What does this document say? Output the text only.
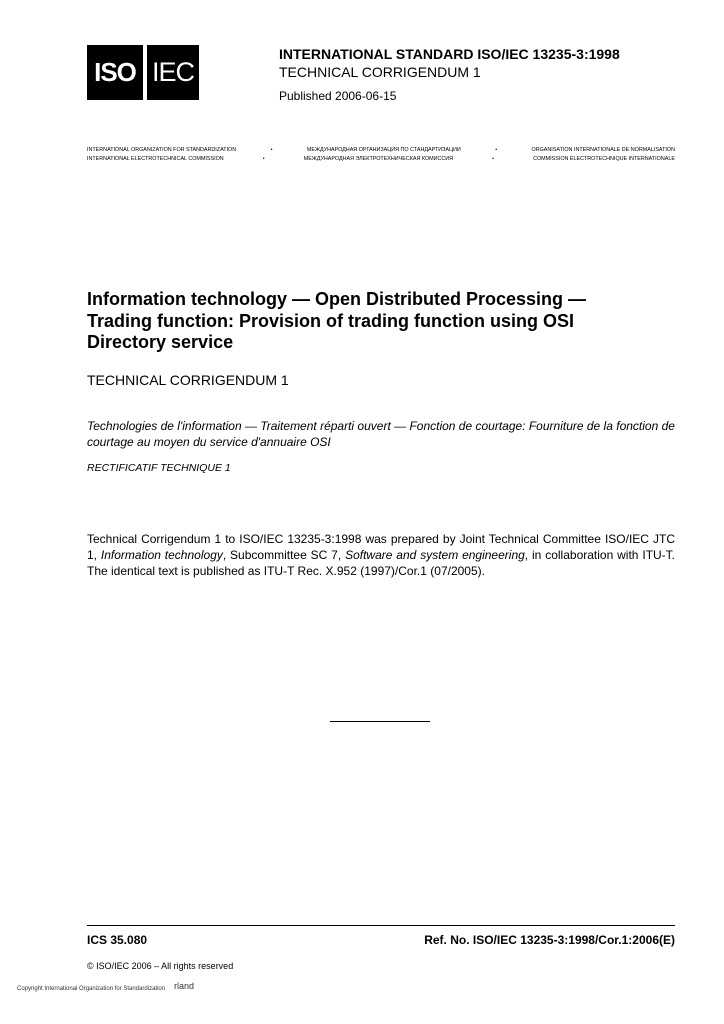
ISO IEC
INTERNATIONAL STANDARD ISO/IEC 13235-3:1998
TECHNICAL CORRIGENDUM 1
Published 2006-06-15
INTERNATIONAL ORGANIZATION FOR STANDARDIZATION	•	МЕЖДУНАРОДНАЯ ОРГАНИЗАЦИЯ ПО СТАНДАРТИЗАЦИИ	•	ORGANISATION INTERNATIONALE DE NORMALISATION
INTERNATIONAL ELECTROTECHNICAL COMMISSION	•	МЕЖДУНАРОДНАЯ ЭЛЕКТРОТЕХНИЧЕСКАЯ КОМИССИЯ	•	COMMISSION ÉLECTROTECHNIQUE INTERNATIONALE
Information technology — Open Distributed Processing —
Trading function: Provision of trading function using OSI
Directory service
TECHNICAL CORRIGENDUM 1
Technologies de l'information — Traitement réparti ouvert — Fonction de courtage: Fourniture de la fonction de courtage au moyen du service d'annuaire OSI
RECTIFICATIF TECHNIQUE 1
Technical Corrigendum 1 to ISO/IEC 13235-3:1998 was prepared by Joint Technical Committee ISO/IEC JTC 1, Information technology, Subcommittee SC 7, Software and system engineering, in collaboration with ITU-T. The identical text is published as ITU-T Rec. X.952 (1997)/Cor.1 (07/2005).
ICS 35.080	Ref. No. ISO/IEC 13235-3:1998/Cor.1:2006(E)
© ISO/IEC 2006 – All rights reserved
rland
Copyright International Organization for Standardization
